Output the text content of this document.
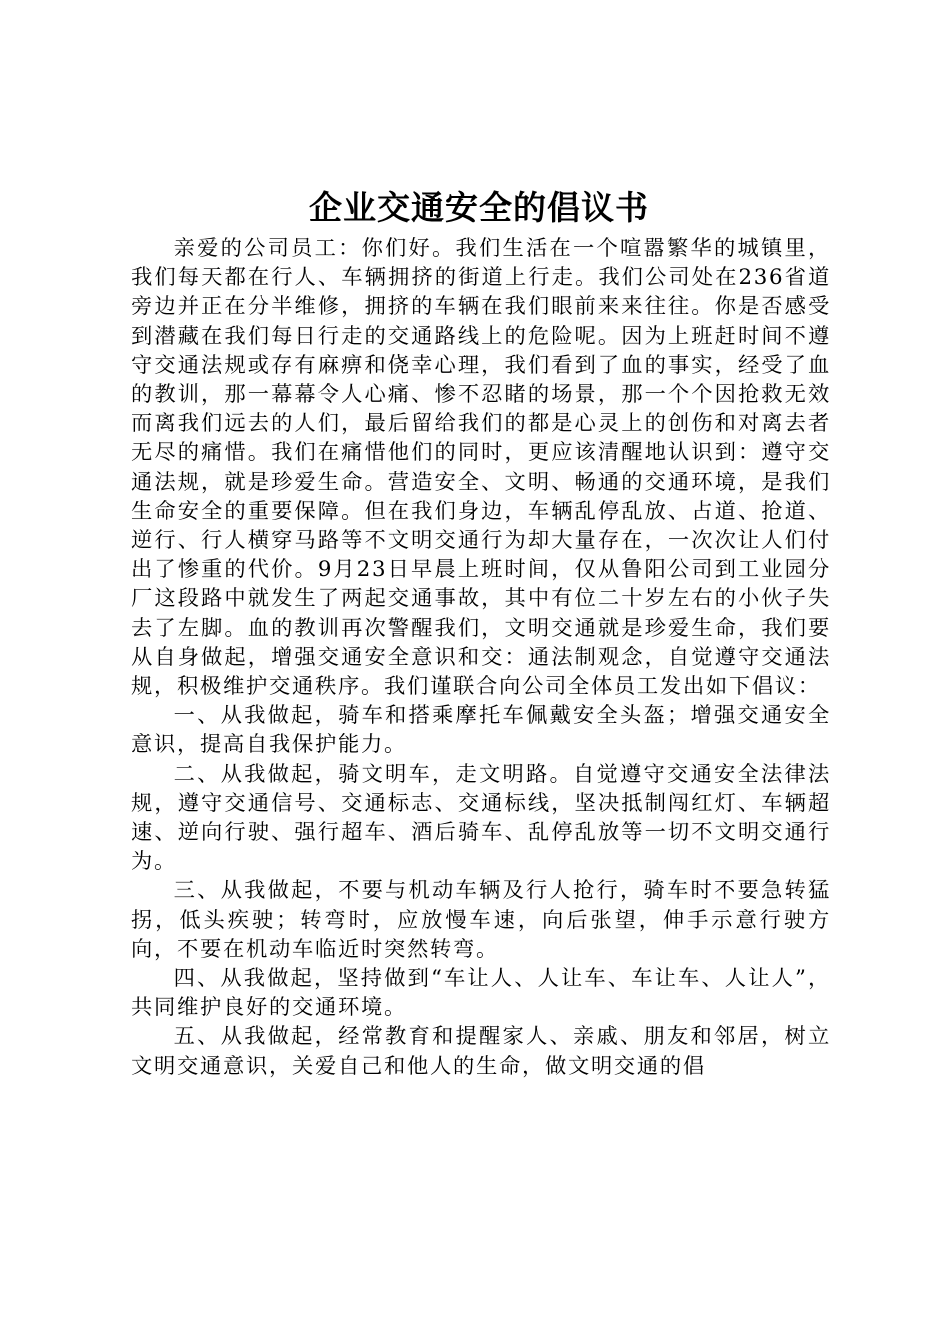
企业交通安全的倡议书

亲爱的公司员工：你们好。我们生活在一个喧嚣繁华的城镇里，我们每天都在行人、车辆拥挤的街道上行走。我们公司处在236省道旁边并正在分半维修，拥挤的车辆在我们眼前来来往往。你是否感受到潜藏在我们每日行走的交通路线上的危险呢。因为上班赶时间不遵守交通法规或存有麻痹和侥幸心理，我们看到了血的事实，经受了血的教训，那一幕幕令人心痛、惨不忍睹的场景，那一个个因抢救无效而离我们远去的人们，最后留给我们的都是心灵上的创伤和对离去者无尽的痛惜。我们在痛惜他们的同时，更应该清醒地认识到：遵守交通法规，就是珍爱生命。营造安全、文明、畅通的交通环境，是我们生命安全的重要保障。但在我们身边，车辆乱停乱放、占道、抢道、逆行、行人横穿马路等不文明交通行为却大量存在，一次次让人们付出了惨重的代价。9月23日早晨上班时间，仅从鲁阳公司到工业园分厂这段路中就发生了两起交通事故，其中有位二十岁左右的小伙子失去了左脚。血的教训再次警醒我们，文明交通就是珍爱生命，我们要从自身做起，增强交通安全意识和交：通法制观念，自觉遵守交通法规，积极维护交通秩序。我们谨联合向公司全体员工发出如下倡议：

一、从我做起，骑车和搭乘摩托车佩戴安全头盔；增强交通安全意识，提高自我保护能力。

二、从我做起，骑文明车，走文明路。自觉遵守交通安全法律法规，遵守交通信号、交通标志、交通标线，坚决抵制闯红灯、车辆超速、逆向行驶、强行超车、酒后骑车、乱停乱放等一切不文明交通行为。

三、从我做起，不要与机动车辆及行人抢行，骑车时不要急转猛拐，低头疾驶；转弯时，应放慢车速，向后张望，伸手示意行驶方向，不要在机动车临近时突然转弯。

四、从我做起，坚持做到“车让人、人让车、车让车、人让人”，共同维护良好的交通环境。

五、从我做起，经常教育和提醒家人、亲戚、朋友和邻居，树立文明交通意识，关爱自己和他人的生命，做文明交通的倡
